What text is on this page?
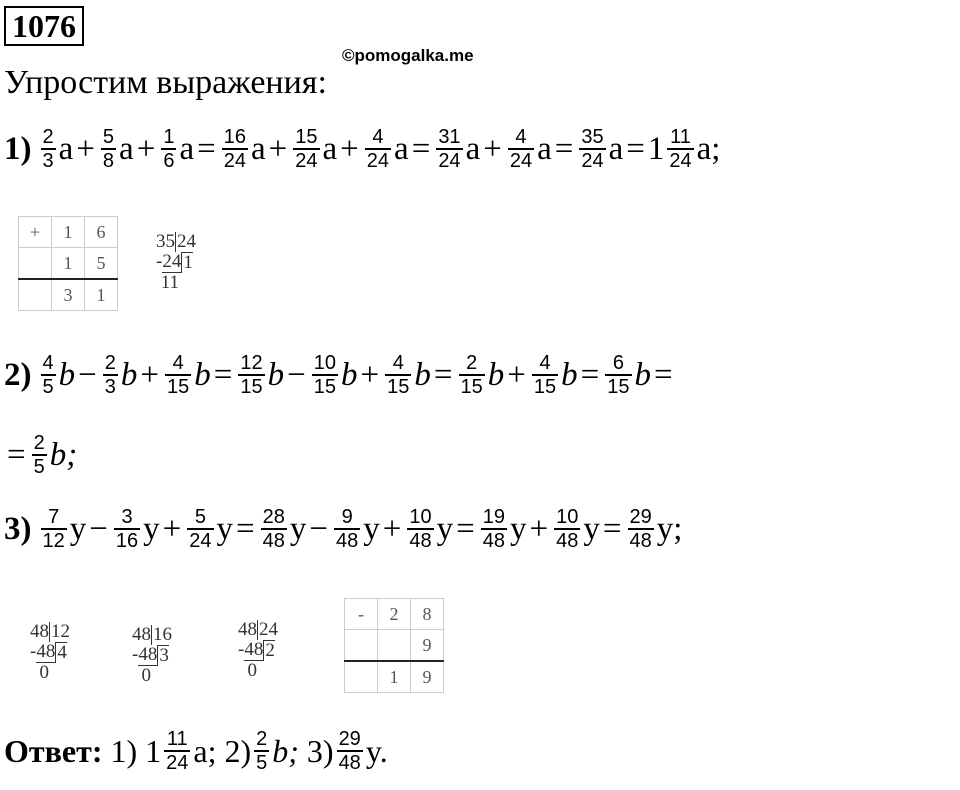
1076
©pomogalka.me
Упростим выражения:
$1) \frac{2}{3}$ $a + \frac{5}{8}$ $a + \frac{1}{6}$ $a = \frac{16}{24}$ $a + \frac{15}{24}$ $a + \frac{4}{24}$ $a = \frac{31}{24}$ $a + \frac{4}{24}$ $a = \frac{35}{24}$ $a = 1 \frac{11}{24} a$;
+	1	6
	1	5
	3	1
35 24
- 24 1

11
$2) \frac{4}{5}$ $b - \frac{2}{3}$ $b + \frac{4}{15}$ $b = \frac{12}{15}$ $b - \frac{10}{15}$ $b + \frac{4}{15}$ $b = \frac{2}{15}$ $b + \frac{4}{15}$ $b = \frac{6}{15}$ b =
= $\frac{2}{5} b$;
$3) \frac{7}{12}$ $y - \frac{3}{16}$ $y + \frac{5}{24}$ $y = \frac{28}{48}$ $y - \frac{9}{48}$ $y + \frac{10}{48}$ $y = \frac{19}{48}$ $y + \frac{10}{48}$ $y = \frac{29}{48} y$;
48 12
- 48 4

0
48 16
- 48 3

0
48 24
- 48 2

0
-	2	8
		9
	1	9
Ответ: 1)
$1 \frac{11}{24} a$;
$2) \frac{2}{5} b$;
$3) \frac{29}{48} y$.
